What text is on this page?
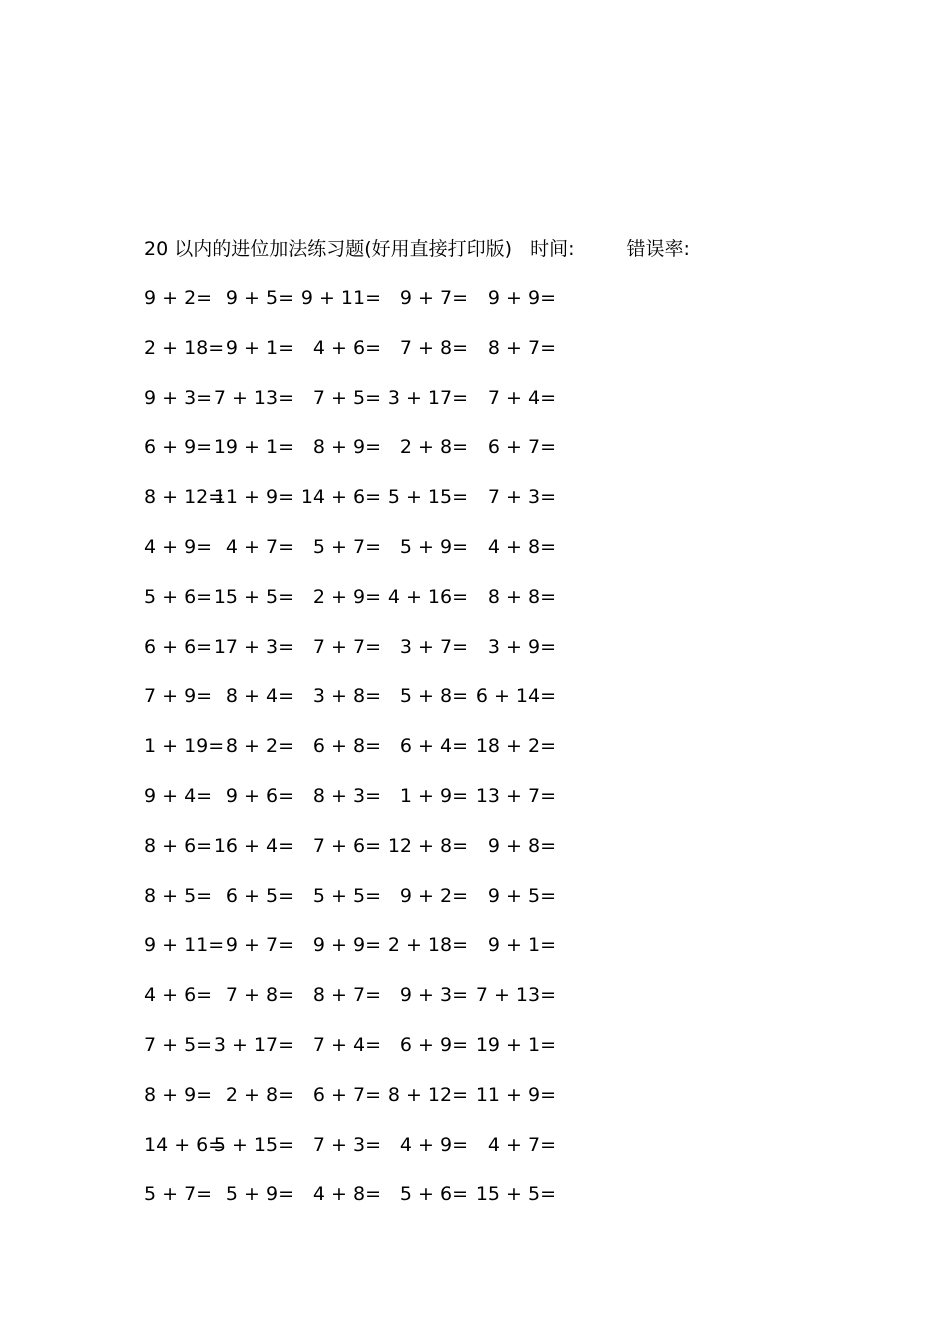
20 以内的进位加法练习题(好用直接打印版) 时间:	错误率:
9 + 2= 9 + 5= 9 + 11= 9 + 7= 9 + 9=
2 + 18= 9 + 1= 4 + 6= 7 + 8= 8 + 7=
9 + 3= 7 + 13= 7 + 5= 3 + 17= 7 + 4=
6 + 9= 19 + 1= 8 + 9= 2 + 8= 6 + 7=
8 + 12=
11 + 9= 14 + 6= 5 + 15= 7 + 3=
4 + 9= 4 + 7= 5 + 7= 5 + 9= 4 + 8=
5 + 6= 15 + 5= 2 + 9= 4 + 16= 8 + 8=
6 + 6= 17 + 3= 7 + 7= 3 + 7= 3 + 9=
7 + 9= 8 + 4= 3 + 8= 5 + 8= 6 + 14=
1 + 19= 8 + 2= 6 + 8= 6 + 4= 18 + 2=
9 + 4= 9 + 6= 8 + 3= 1 + 9= 13 + 7=
8 + 6= 16 + 4= 7 + 6= 12 + 8= 9 + 8=
8 + 5= 6 + 5= 5 + 5= 9 + 2= 9 + 5=
9 + 11= 9 + 7= 9 + 9= 2 + 18= 9 + 1=
4 + 6= 7 + 8= 8 + 7= 9 + 3= 7 + 13=
7 + 5= 3 + 17= 7 + 4= 6 + 9= 19 + 1=
8 + 9= 2 + 8= 6 + 7= 8 + 12= 11 + 9=
14 + 6=
5 + 15= 7 + 3= 4 + 9= 4 + 7=
5 + 7= 5 + 9= 4 + 8= 5 + 6= 15 + 5=
